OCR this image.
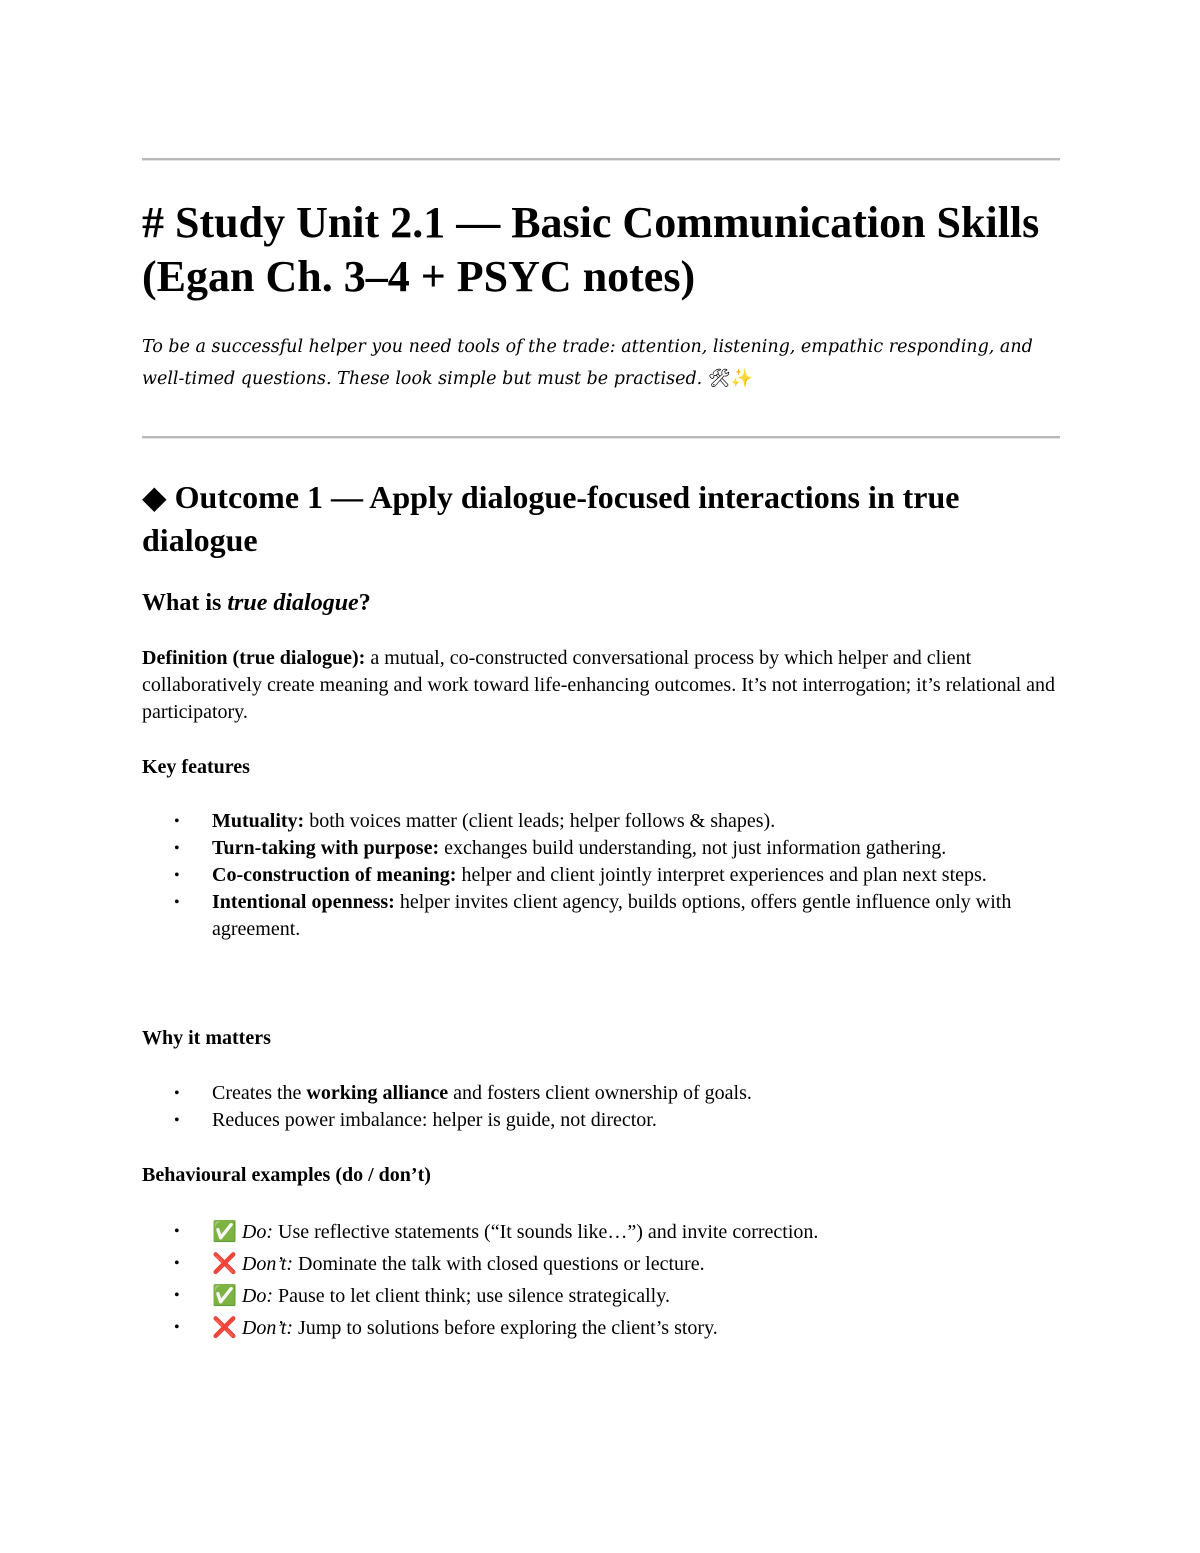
# Study Unit 2.1 — Basic Communication Skills (Egan Ch. 3–4 + PSYC notes)

To be a successful helper you need tools of the trade: attention, listening, empathic responding, and well-timed questions. These look simple but must be practised. 🛠✨

◆ Outcome 1 — Apply dialogue-focused interactions in true dialogue
What is true dialogue?

Definition (true dialogue): a mutual, co-constructed conversational process by which helper and client collaboratively create meaning and work toward life-enhancing outcomes. It’s not interrogation; it’s relational and participatory.

Key features

• Mutuality: both voices matter (client leads; helper follows & shapes).
• Turn-taking with purpose: exchanges build understanding, not just information gathering.
• Co-construction of meaning: helper and client jointly interpret experiences and plan next steps.
• Intentional openness: helper invites client agency, builds options, offers gentle influence only with agreement.

Why it matters

• Creates the working alliance and fosters client ownership of goals.
• Reduces power imbalance: helper is guide, not director.

Behavioural examples (do / don’t)

• ✅ Do: Use reflective statements (“It sounds like…”) and invite correction.
• ❌ Don’t: Dominate the talk with closed questions or lecture.
• ✅ Do: Pause to let client think; use silence strategically.
• ❌ Don’t: Jump to solutions before exploring the client’s story.
